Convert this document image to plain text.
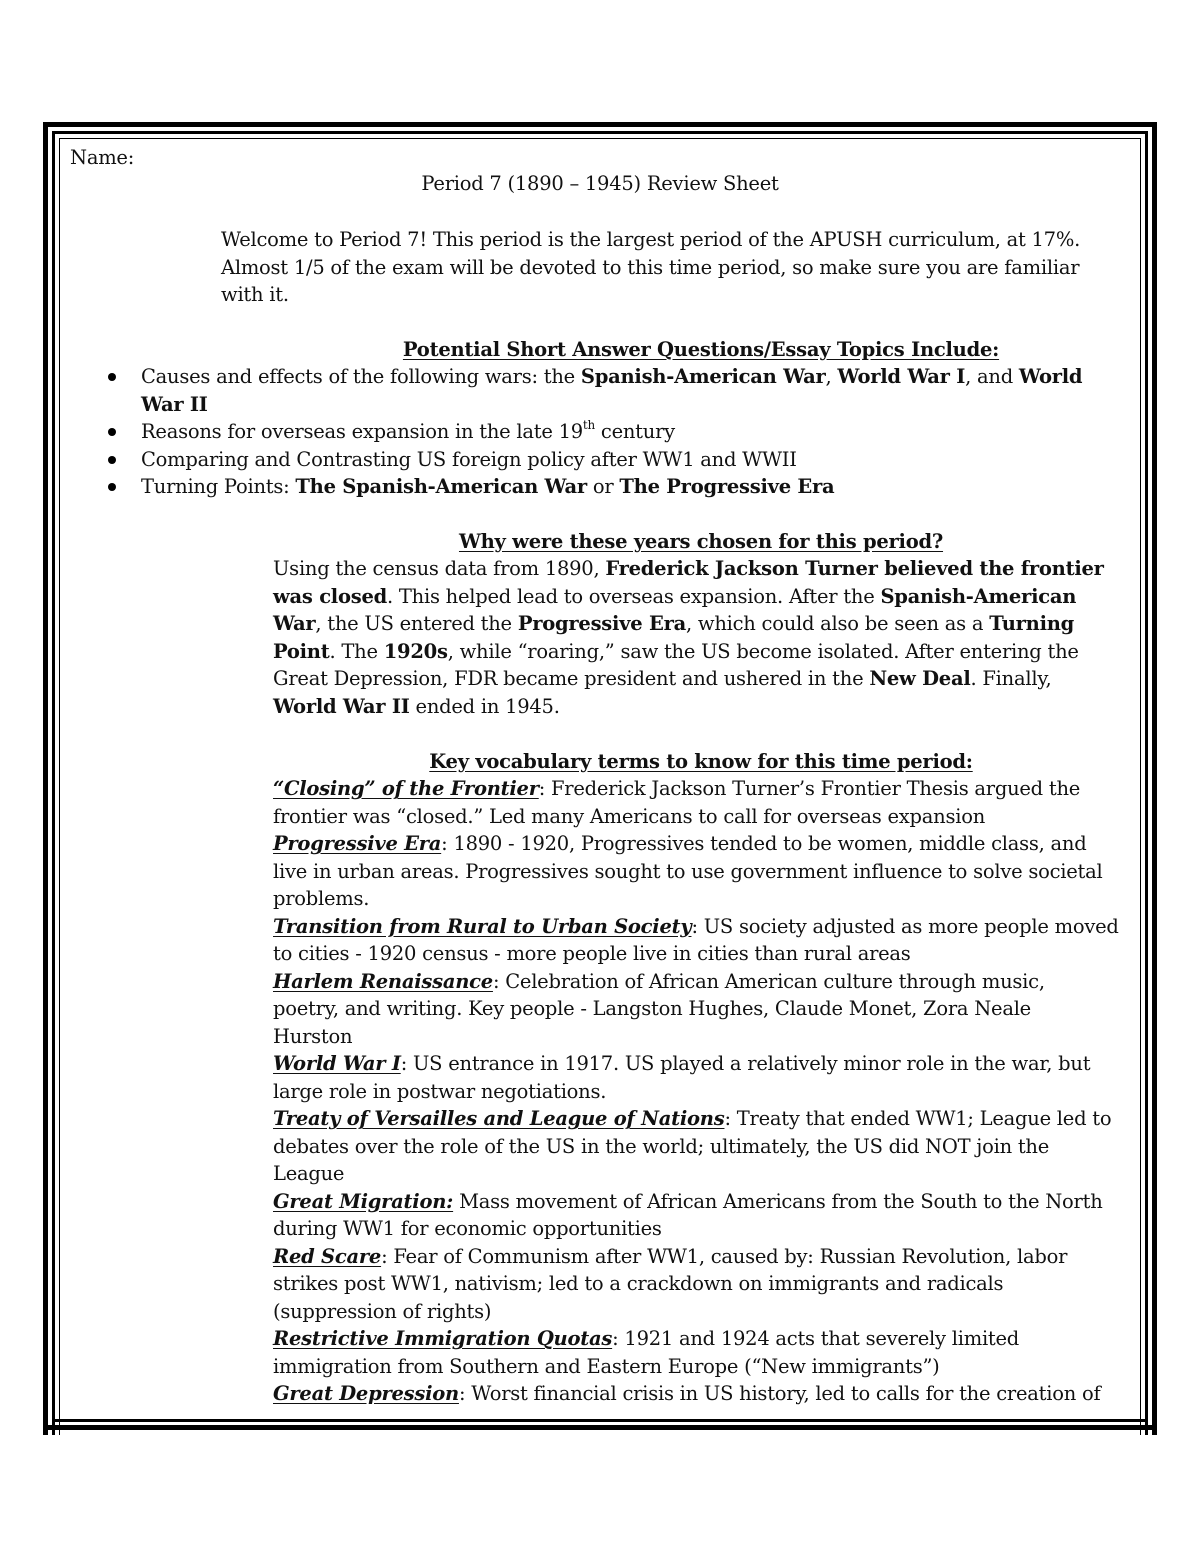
Name:
Period 7 (1890 – 1945) Review Sheet
Welcome to Period 7! This period is the largest period of the APUSH curriculum, at 17%.
Almost 1/5 of the exam will be devoted to this time period, so make sure you are familiar
with it.
Potential Short Answer Questions/Essay Topics Include:
Causes and effects of the following wars: the Spanish-American War, World War I, and World
War II
Reasons for overseas expansion in the late 19th century
Comparing and Contrasting US foreign policy after WW1 and WWII
Turning Points: The Spanish-American War or The Progressive Era
Why were these years chosen for this period?
Using the census data from 1890, Frederick Jackson Turner believed the frontier
was closed. This helped lead to overseas expansion. After the Spanish-American
War, the US entered the Progressive Era, which could also be seen as a Turning
Point. The 1920s, while “roaring,” saw the US become isolated. After entering the
Great Depression, FDR became president and ushered in the New Deal. Finally,
World War II ended in 1945.
Key vocabulary terms to know for this time period:
“Closing” of the Frontier: Frederick Jackson Turner’s Frontier Thesis argued the
frontier was “closed.” Led many Americans to call for overseas expansion
Progressive Era: 1890 - 1920, Progressives tended to be women, middle class, and
live in urban areas. Progressives sought to use government influence to solve societal
problems.
Transition from Rural to Urban Society: US society adjusted as more people moved
to cities - 1920 census - more people live in cities than rural areas
Harlem Renaissance: Celebration of African American culture through music,
poetry, and writing. Key people - Langston Hughes, Claude Monet, Zora Neale
Hurston
World War I: US entrance in 1917. US played a relatively minor role in the war, but
large role in postwar negotiations.
Treaty of Versailles and League of Nations: Treaty that ended WW1; League led to
debates over the role of the US in the world; ultimately, the US did NOT join the
League
Great Migration: Mass movement of African Americans from the South to the North
during WW1 for economic opportunities
Red Scare: Fear of Communism after WW1, caused by: Russian Revolution, labor
strikes post WW1, nativism; led to a crackdown on immigrants and radicals
(suppression of rights)
Restrictive Immigration Quotas: 1921 and 1924 acts that severely limited
immigration from Southern and Eastern Europe (“New immigrants”)
Great Depression: Worst financial crisis in US history, led to calls for the creation of
